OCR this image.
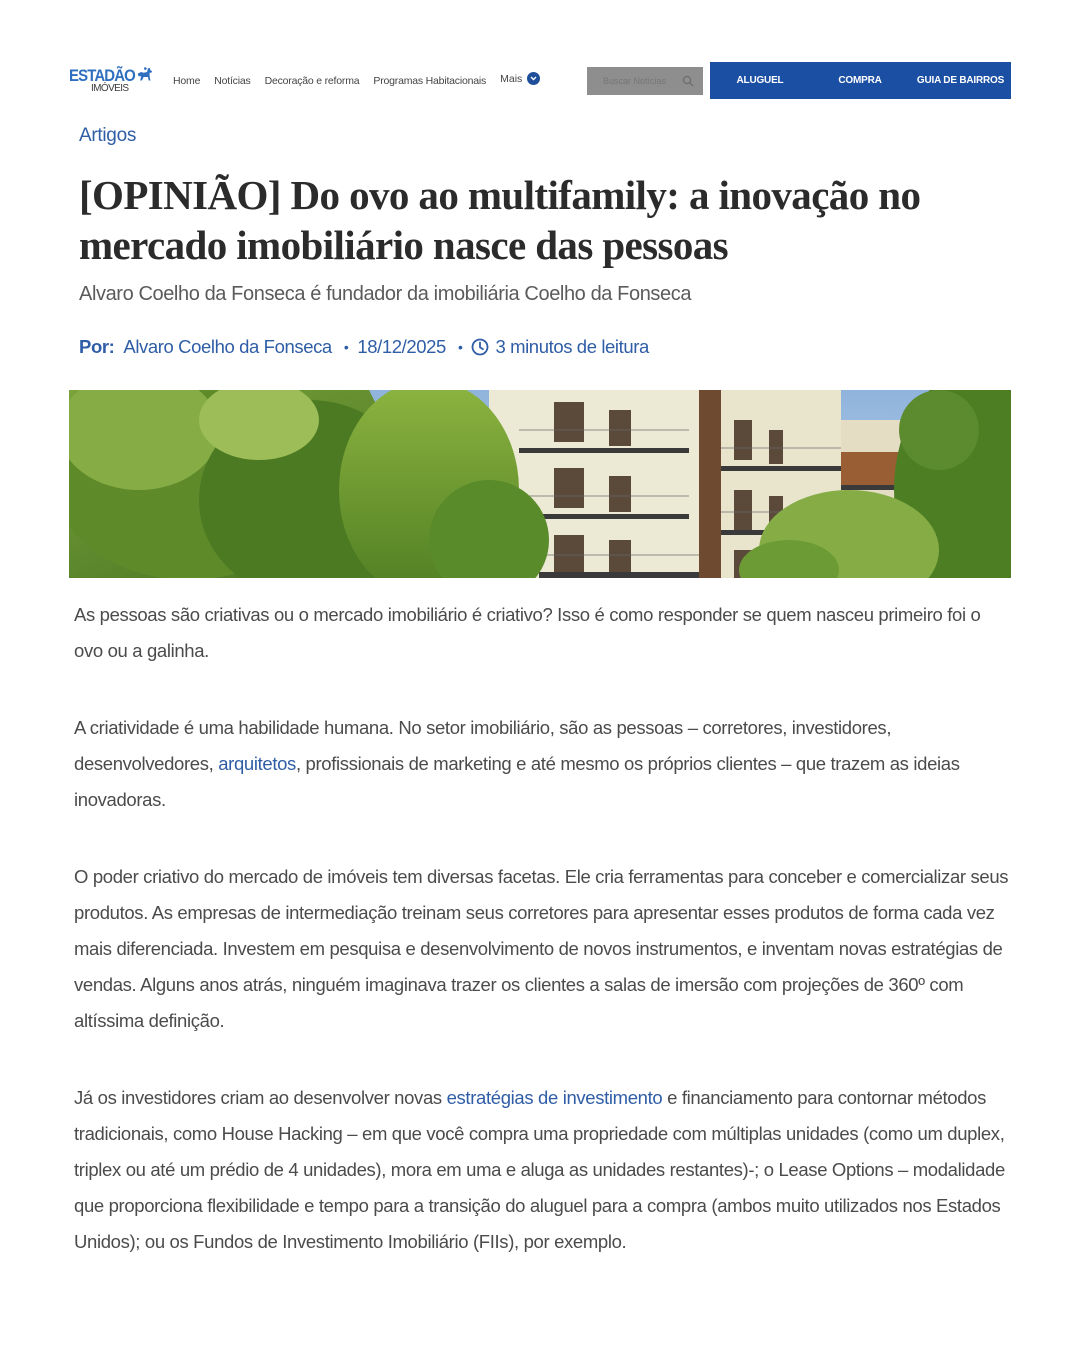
ESTADÃO
IMÓVEIS
Home Notícias Decoração e reforma Programas Habitacionais Mais
Buscar Notícias	ALUGUEL	COMPRA	GUIA DE BAIRROS
Artigos
[OPINIÃO] Do ovo ao multifamily: a inovação no mercado imobiliário nasce das pessoas
Alvaro Coelho da Fonseca é fundador da imobiliária Coelho da Fonseca
Por: Alvaro Coelho da Fonseca • 18/12/2025 • 3 minutos de leitura

As pessoas são criativas ou o mercado imobiliário é criativo? Isso é como responder se quem nasceu primeiro foi o ovo ou a galinha.

A criatividade é uma habilidade humana. No setor imobiliário, são as pessoas – corretores, investidores, desenvolvedores, arquitetos, profissionais de marketing e até mesmo os próprios clientes – que trazem as ideias inovadoras.

O poder criativo do mercado de imóveis tem diversas facetas. Ele cria ferramentas para conceber e comercializar seus produtos. As empresas de intermediação treinam seus corretores para apresentar esses produtos de forma cada vez mais diferenciada. Investem em pesquisa e desenvolvimento de novos instrumentos, e inventam novas estratégias de vendas. Alguns anos atrás, ninguém imaginava trazer os clientes a salas de imersão com projeções de 360º com altíssima definição.

Já os investidores criam ao desenvolver novas estratégias de investimento e financiamento para contornar métodos tradicionais, como House Hacking – em que você compra uma propriedade com múltiplas unidades (como um duplex, triplex ou até um prédio de 4 unidades), mora em uma e aluga as unidades restantes)-; o Lease Options – modalidade que proporciona flexibilidade e tempo para a transição do aluguel para a compra (ambos muito utilizados nos Estados Unidos); ou os Fundos de Investimento Imobiliário (FIIs), por exemplo.
